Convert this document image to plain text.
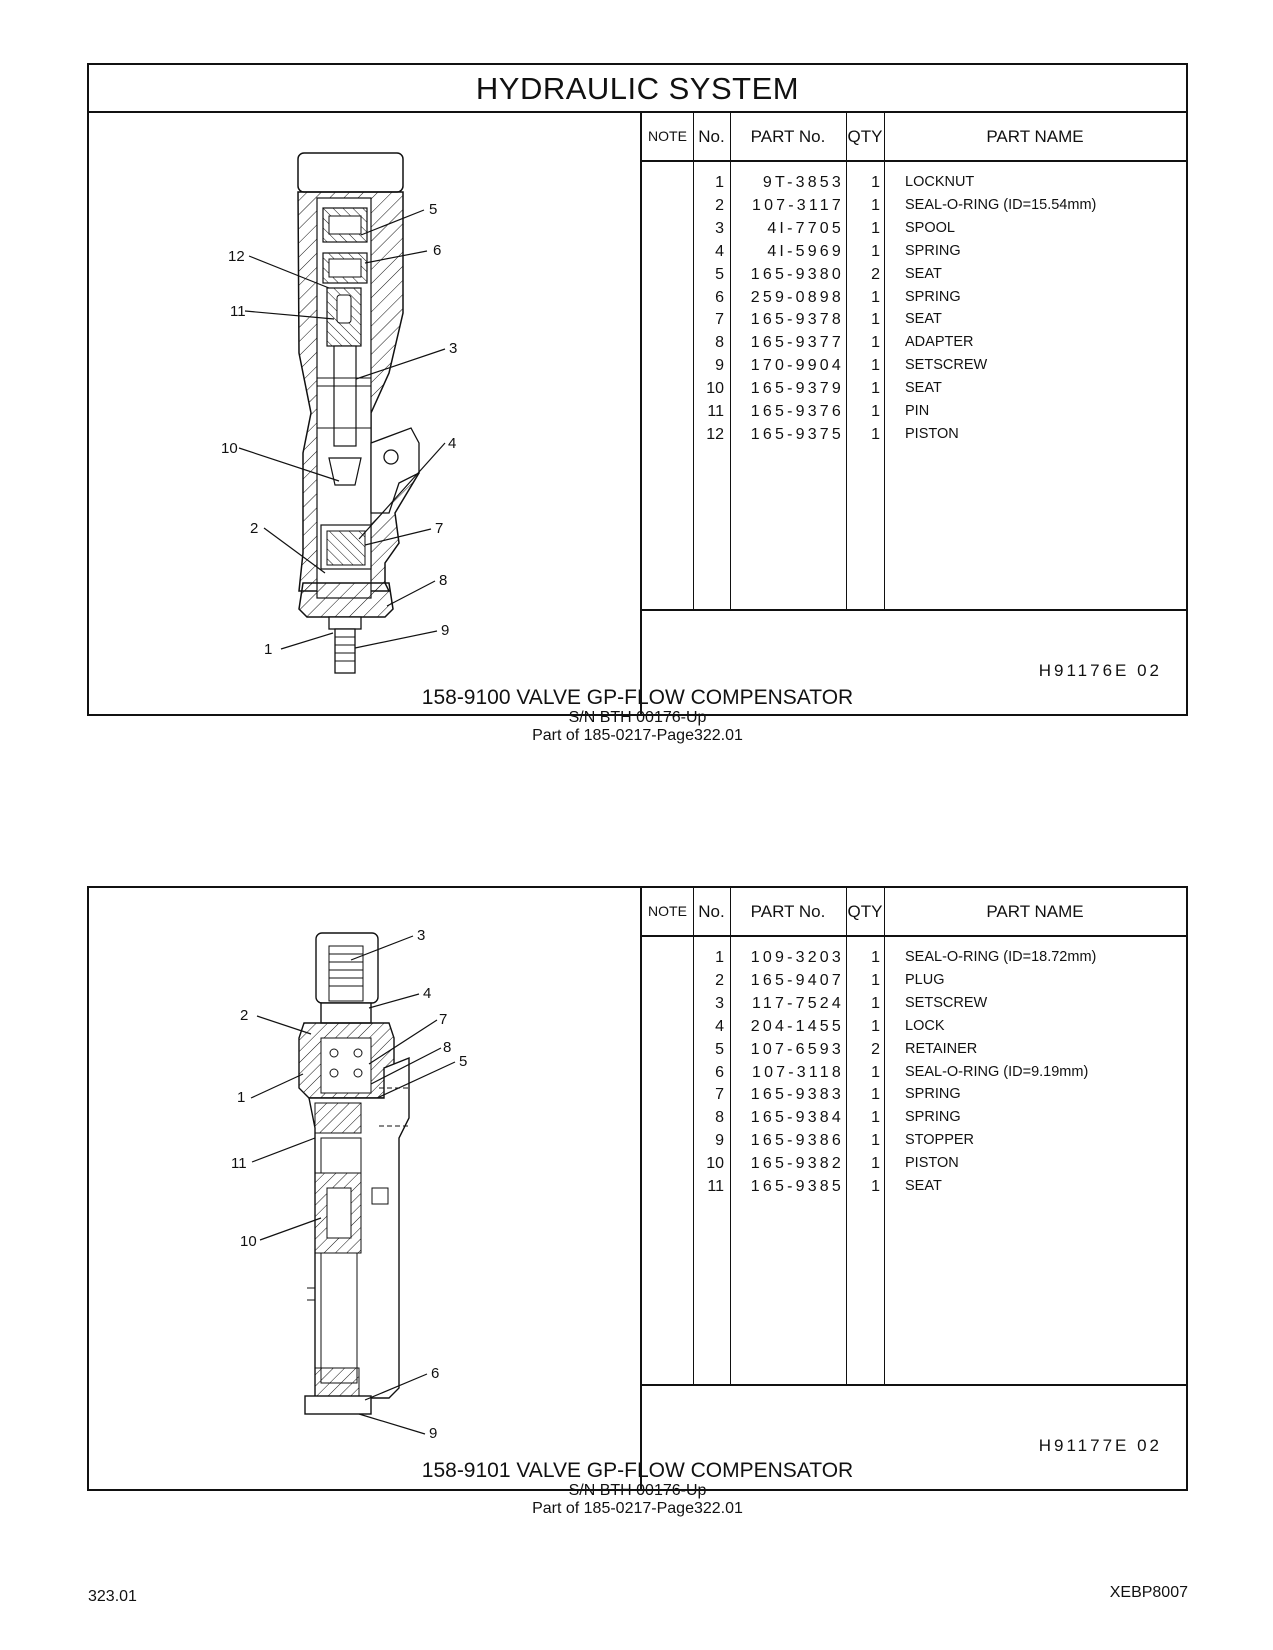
HYDRAULIC SYSTEM
5
6
12
11
3
10	4
2	7
8
1
9
NOTE No.	PART No.	QTY	PART NAME
1	9T-3853	1 LOCKNUT
2	107-3117	1 SEAL-O-RING (ID=15.54mm)
3	4I-7705	1 SPOOL
4	4I-5969	1 SPRING
5	165-9380	2 SEAT
6	259-0898	1 SPRING
7	165-9378	1 SEAT
8	165-9377	1 ADAPTER
9	170-9904	1 SETSCREW
10	165-9379	1 SEAT
11	165-9376	1 PIN
12	165-9375	1 PISTON
H91176E 02
158-9100 VALVE GP-FLOW COMPENSATOR
S/N BTH 00176-Up
Part of 185-0217-Page322.01
3
4
2	7
8
5
1
11
10
6
9
NOTE No.	PART No.	QTY	PART NAME
1	109-3203	1 SEAL-O-RING (ID=18.72mm)
2	165-9407	1 PLUG
3	117-7524	1 SETSCREW
4	204-1455	1 LOCK
5	107-6593	2 RETAINER
6	107-3118	1 SEAL-O-RING (ID=9.19mm)
7	165-9383	1 SPRING
8	165-9384	1 SPRING
9	165-9386	1 STOPPER
10	165-9382	1 PISTON
11	165-9385	1 SEAT
H91177E 02
158-9101 VALVE GP-FLOW COMPENSATOR
S/N BTH 00176-Up
Part of 185-0217-Page322.01
323.01	XEBP8007
